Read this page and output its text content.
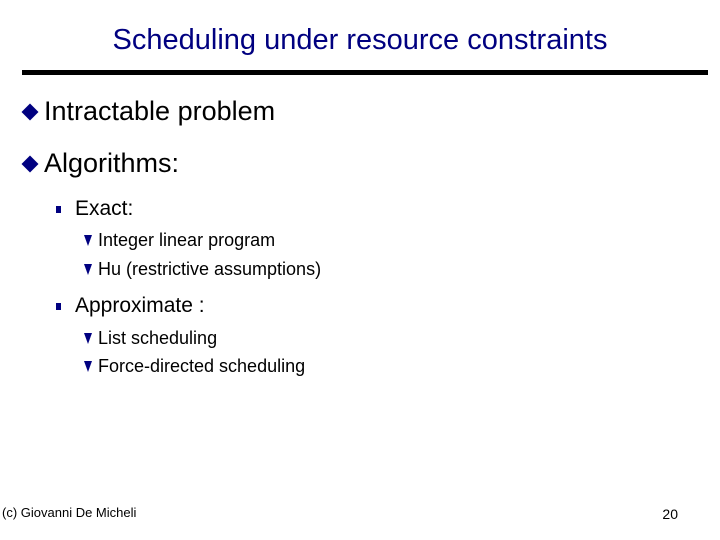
Scheduling under resource constraints
Intractable problem
Algorithms:
Exact:
Integer linear program
Hu (restrictive assumptions)
Approximate :
List scheduling
Force-directed scheduling
(c) Giovanni De Micheli	20
